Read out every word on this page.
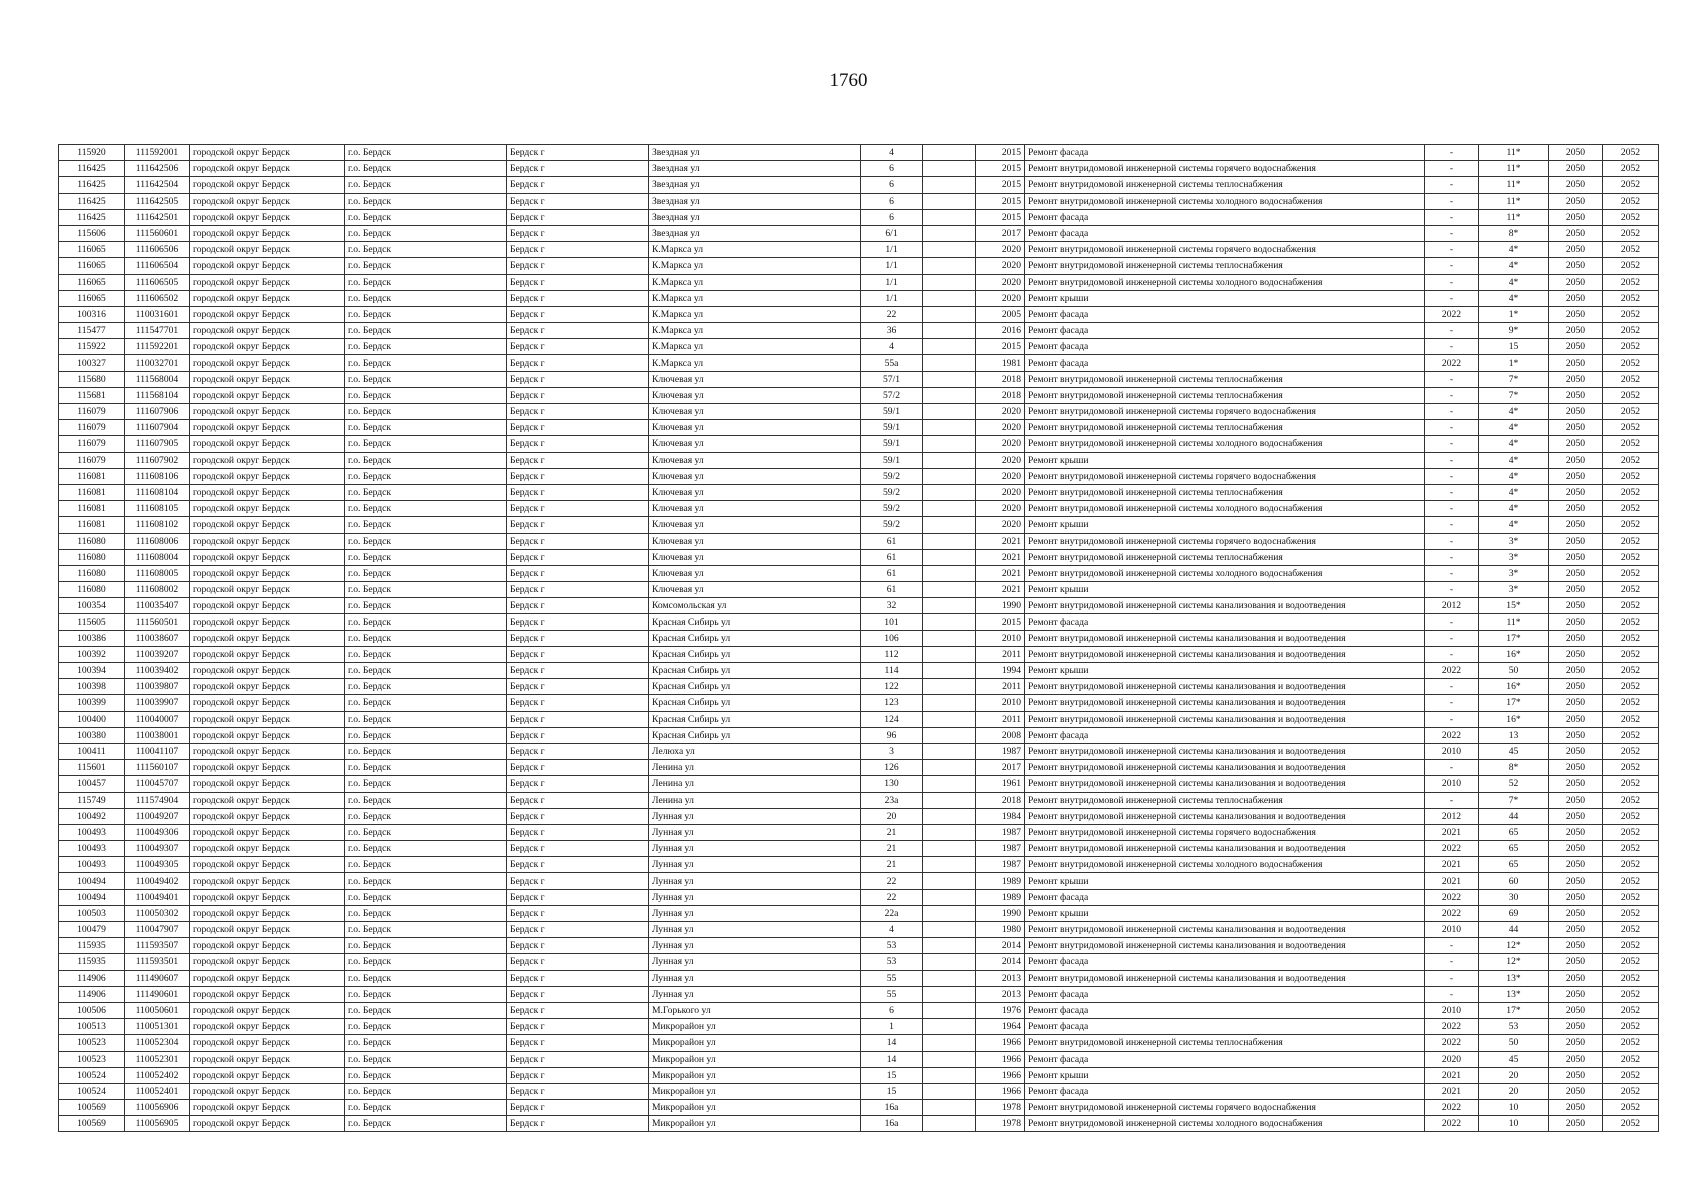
1760
115920	111592001	городской округ Бердск	г.о. Бердск	Бердск г	Звездная ул	4		2015	Ремонт фасада	-	11*	2050	2052
116425	111642506	городской округ Бердск	г.о. Бердск	Бердск г	Звездная ул	6		2015	Ремонт внутридомовой инженерной системы горячего водоснабжения	-	11*	2050	2052
116425	111642504	городской округ Бердск	г.о. Бердск	Бердск г	Звездная ул	6		2015	Ремонт внутридомовой инженерной системы теплоснабжения	-	11*	2050	2052
116425	111642505	городской округ Бердск	г.о. Бердск	Бердск г	Звездная ул	6		2015	Ремонт внутридомовой инженерной системы холодного водоснабжения	-	11*	2050	2052
116425	111642501	городской округ Бердск	г.о. Бердск	Бердск г	Звездная ул	6		2015	Ремонт фасада	-	11*	2050	2052
115606	111560601	городской округ Бердск	г.о. Бердск	Бердск г	Звездная ул	6/1		2017	Ремонт фасада	-	8*	2050	2052
116065	111606506	городской округ Бердск	г.о. Бердск	Бердск г	К.Маркса ул	1/1		2020	Ремонт внутридомовой инженерной системы горячего водоснабжения	-	4*	2050	2052
116065	111606504	городской округ Бердск	г.о. Бердск	Бердск г	К.Маркса ул	1/1		2020	Ремонт внутридомовой инженерной системы теплоснабжения	-	4*	2050	2052
116065	111606505	городской округ Бердск	г.о. Бердск	Бердск г	К.Маркса ул	1/1		2020	Ремонт внутридомовой инженерной системы холодного водоснабжения	-	4*	2050	2052
116065	111606502	городской округ Бердск	г.о. Бердск	Бердск г	К.Маркса ул	1/1		2020	Ремонт крыши	-	4*	2050	2052
100316	110031601	городской округ Бердск	г.о. Бердск	Бердск г	К.Маркса ул	22		2005	Ремонт фасада	2022	1*	2050	2052
115477	111547701	городской округ Бердск	г.о. Бердск	Бердск г	К.Маркса ул	36		2016	Ремонт фасада	-	9*	2050	2052
115922	111592201	городской округ Бердск	г.о. Бердск	Бердск г	К.Маркса ул	4		2015	Ремонт фасада	-	15	2050	2052
100327	110032701	городской округ Бердск	г.о. Бердск	Бердск г	К.Маркса ул	55а		1981	Ремонт фасада	2022	1*	2050	2052
115680	111568004	городской округ Бердск	г.о. Бердск	Бердск г	Ключевая ул	57/1		2018	Ремонт внутридомовой инженерной системы теплоснабжения	-	7*	2050	2052
115681	111568104	городской округ Бердск	г.о. Бердск	Бердск г	Ключевая ул	57/2		2018	Ремонт внутридомовой инженерной системы теплоснабжения	-	7*	2050	2052
116079	111607906	городской округ Бердск	г.о. Бердск	Бердск г	Ключевая ул	59/1		2020	Ремонт внутридомовой инженерной системы горячего водоснабжения	-	4*	2050	2052
116079	111607904	городской округ Бердск	г.о. Бердск	Бердск г	Ключевая ул	59/1		2020	Ремонт внутридомовой инженерной системы теплоснабжения	-	4*	2050	2052
116079	111607905	городской округ Бердск	г.о. Бердск	Бердск г	Ключевая ул	59/1		2020	Ремонт внутридомовой инженерной системы холодного водоснабжения	-	4*	2050	2052
116079	111607902	городской округ Бердск	г.о. Бердск	Бердск г	Ключевая ул	59/1		2020	Ремонт крыши	-	4*	2050	2052
116081	111608106	городской округ Бердск	г.о. Бердск	Бердск г	Ключевая ул	59/2		2020	Ремонт внутридомовой инженерной системы горячего водоснабжения	-	4*	2050	2052
116081	111608104	городской округ Бердск	г.о. Бердск	Бердск г	Ключевая ул	59/2		2020	Ремонт внутридомовой инженерной системы теплоснабжения	-	4*	2050	2052
116081	111608105	городской округ Бердск	г.о. Бердск	Бердск г	Ключевая ул	59/2		2020	Ремонт внутридомовой инженерной системы холодного водоснабжения	-	4*	2050	2052
116081	111608102	городской округ Бердск	г.о. Бердск	Бердск г	Ключевая ул	59/2		2020	Ремонт крыши	-	4*	2050	2052
116080	111608006	городской округ Бердск	г.о. Бердск	Бердск г	Ключевая ул	61		2021	Ремонт внутридомовой инженерной системы горячего водоснабжения	-	3*	2050	2052
116080	111608004	городской округ Бердск	г.о. Бердск	Бердск г	Ключевая ул	61		2021	Ремонт внутридомовой инженерной системы теплоснабжения	-	3*	2050	2052
116080	111608005	городской округ Бердск	г.о. Бердск	Бердск г	Ключевая ул	61		2021	Ремонт внутридомовой инженерной системы холодного водоснабжения	-	3*	2050	2052
116080	111608002	городской округ Бердск	г.о. Бердск	Бердск г	Ключевая ул	61		2021	Ремонт крыши	-	3*	2050	2052
100354	110035407	городской округ Бердск	г.о. Бердск	Бердск г	Комсомольская ул	32		1990	Ремонт внутридомовой инженерной системы канализования и водоотведения	2012	15*	2050	2052
115605	111560501	городской округ Бердск	г.о. Бердск	Бердск г	Красная Сибирь ул	101		2015	Ремонт фасада	-	11*	2050	2052
100386	110038607	городской округ Бердск	г.о. Бердск	Бердск г	Красная Сибирь ул	106		2010	Ремонт внутридомовой инженерной системы канализования и водоотведения	-	17*	2050	2052
100392	110039207	городской округ Бердск	г.о. Бердск	Бердск г	Красная Сибирь ул	112		2011	Ремонт внутридомовой инженерной системы канализования и водоотведения	-	16*	2050	2052
100394	110039402	городской округ Бердск	г.о. Бердск	Бердск г	Красная Сибирь ул	114		1994	Ремонт крыши	2022	50	2050	2052
100398	110039807	городской округ Бердск	г.о. Бердск	Бердск г	Красная Сибирь ул	122		2011	Ремонт внутридомовой инженерной системы канализования и водоотведения	-	16*	2050	2052
100399	110039907	городской округ Бердск	г.о. Бердск	Бердск г	Красная Сибирь ул	123		2010	Ремонт внутридомовой инженерной системы канализования и водоотведения	-	17*	2050	2052
100400	110040007	городской округ Бердск	г.о. Бердск	Бердск г	Красная Сибирь ул	124		2011	Ремонт внутридомовой инженерной системы канализования и водоотведения	-	16*	2050	2052
100380	110038001	городской округ Бердск	г.о. Бердск	Бердск г	Красная Сибирь ул	96		2008	Ремонт фасада	2022	13	2050	2052
100411	110041107	городской округ Бердск	г.о. Бердск	Бердск г	Лелюха ул	3		1987	Ремонт внутридомовой инженерной системы канализования и водоотведения	2010	45	2050	2052
115601	111560107	городской округ Бердск	г.о. Бердск	Бердск г	Ленина ул	126		2017	Ремонт внутридомовой инженерной системы канализования и водоотведения	-	8*	2050	2052
100457	110045707	городской округ Бердск	г.о. Бердск	Бердск г	Ленина ул	130		1961	Ремонт внутридомовой инженерной системы канализования и водоотведения	2010	52	2050	2052
115749	111574904	городской округ Бердск	г.о. Бердск	Бердск г	Ленина ул	23а		2018	Ремонт внутридомовой инженерной системы теплоснабжения	-	7*	2050	2052
100492	110049207	городской округ Бердск	г.о. Бердск	Бердск г	Лунная ул	20		1984	Ремонт внутридомовой инженерной системы канализования и водоотведения	2012	44	2050	2052
100493	110049306	городской округ Бердск	г.о. Бердск	Бердск г	Лунная ул	21		1987	Ремонт внутридомовой инженерной системы горячего водоснабжения	2021	65	2050	2052
100493	110049307	городской округ Бердск	г.о. Бердск	Бердск г	Лунная ул	21		1987	Ремонт внутридомовой инженерной системы канализования и водоотведения	2022	65	2050	2052
100493	110049305	городской округ Бердск	г.о. Бердск	Бердск г	Лунная ул	21		1987	Ремонт внутридомовой инженерной системы холодного водоснабжения	2021	65	2050	2052
100494	110049402	городской округ Бердск	г.о. Бердск	Бердск г	Лунная ул	22		1989	Ремонт крыши	2021	60	2050	2052
100494	110049401	городской округ Бердск	г.о. Бердск	Бердск г	Лунная ул	22		1989	Ремонт фасада	2022	30	2050	2052
100503	110050302	городской округ Бердск	г.о. Бердск	Бердск г	Лунная ул	22а		1990	Ремонт крыши	2022	69	2050	2052
100479	110047907	городской округ Бердск	г.о. Бердск	Бердск г	Лунная ул	4		1980	Ремонт внутридомовой инженерной системы канализования и водоотведения	2010	44	2050	2052
115935	111593507	городской округ Бердск	г.о. Бердск	Бердск г	Лунная ул	53		2014	Ремонт внутридомовой инженерной системы канализования и водоотведения	-	12*	2050	2052
115935	111593501	городской округ Бердск	г.о. Бердск	Бердск г	Лунная ул	53		2014	Ремонт фасада	-	12*	2050	2052
114906	111490607	городской округ Бердск	г.о. Бердск	Бердск г	Лунная ул	55		2013	Ремонт внутридомовой инженерной системы канализования и водоотведения	-	13*	2050	2052
114906	111490601	городской округ Бердск	г.о. Бердск	Бердск г	Лунная ул	55		2013	Ремонт фасада	-	13*	2050	2052
100506	110050601	городской округ Бердск	г.о. Бердск	Бердск г	М.Горького ул	6		1976	Ремонт фасада	2010	17*	2050	2052
100513	110051301	городской округ Бердск	г.о. Бердск	Бердск г	Микрорайон ул	1		1964	Ремонт фасада	2022	53	2050	2052
100523	110052304	городской округ Бердск	г.о. Бердск	Бердск г	Микрорайон ул	14		1966	Ремонт внутридомовой инженерной системы теплоснабжения	2022	50	2050	2052
100523	110052301	городской округ Бердск	г.о. Бердск	Бердск г	Микрорайон ул	14		1966	Ремонт фасада	2020	45	2050	2052
100524	110052402	городской округ Бердск	г.о. Бердск	Бердск г	Микрорайон ул	15		1966	Ремонт крыши	2021	20	2050	2052
100524	110052401	городской округ Бердск	г.о. Бердск	Бердск г	Микрорайон ул	15		1966	Ремонт фасада	2021	20	2050	2052
100569	110056906	городской округ Бердск	г.о. Бердск	Бердск г	Микрорайон ул	16а		1978	Ремонт внутридомовой инженерной системы горячего водоснабжения	2022	10	2050	2052
100569	110056905	городской округ Бердск	г.о. Бердск	Бердск г	Микрорайон ул	16а		1978	Ремонт внутридомовой инженерной системы холодного водоснабжения	2022	10	2050	2052
